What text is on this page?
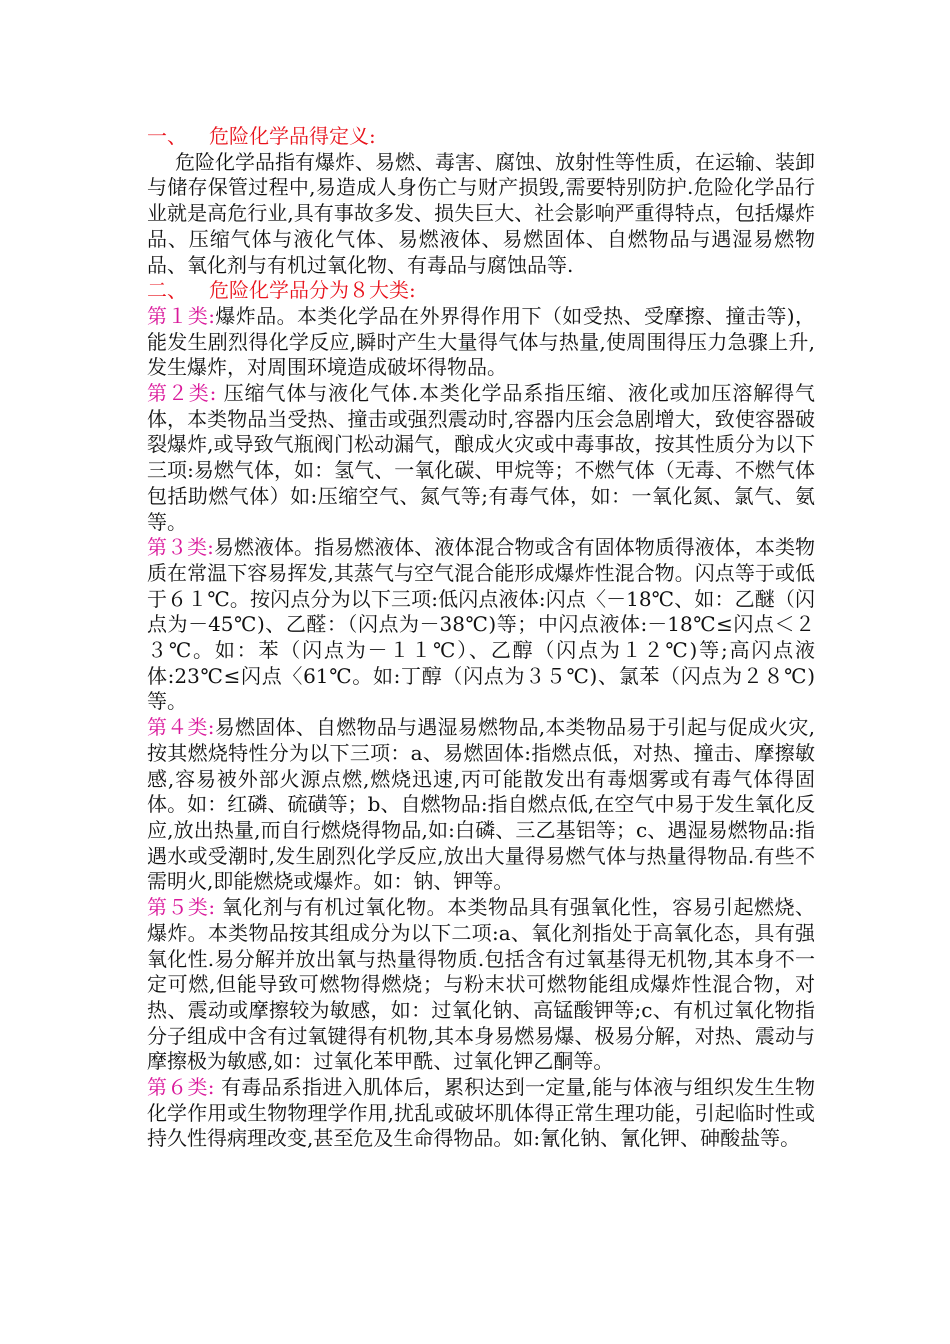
一、 危险化学品得定义:

危险化学品指有爆炸、易燃、毒害、腐蚀、放射性等性质，在运输、装卸与储存保管过程中,易造成人身伤亡与财产损毁,需要特别防护.危险化学品行业就是高危行业,具有事故多发、损失巨大、社会影响严重得特点，包括爆炸品、压缩气体与液化气体、易燃液体、易燃固体、自燃物品与遇湿易燃物品、氧化剂与有机过氧化物、有毒品与腐蚀品等.

二、 危险化学品分为８大类:

第１类:爆炸品。本类化学品在外界得作用下（如受热、受摩擦、撞击等)，能发生剧烈得化学反应,瞬时产生大量得气体与热量,使周围得压力急骤上升,发生爆炸，对周围环境造成破坏得物品。

第２类: 压缩气体与液化气体.本类化学品系指压缩、液化或加压溶解得气体，本类物品当受热、撞击或强烈震动时,容器内压会急剧增大，致使容器破裂爆炸,或导致气瓶阀门松动漏气，酿成火灾或中毒事故，按其性质分为以下三项:易燃气体，如：氢气、一氧化碳、甲烷等；不燃气体（无毒、不燃气体包括助燃气体）如:压缩空气、氮气等;有毒气体，如：一氧化氮、氯气、氨等。

第３类:易燃液体。指易燃液体、液体混合物或含有固体物质得液体，本类物质在常温下容易挥发,其蒸气与空气混合能形成爆炸性混合物。闪点等于或低于６１℃。按闪点分为以下三项:低闪点液体:闪点〈－18℃、如：乙醚（闪点为－45℃)、乙醛：（闪点为－38℃)等；中闪点液体:－18℃≤闪点＜２３℃。如：苯（闪点为－１１℃）、乙醇（闪点为１２℃)等;高闪点液体:23℃≤闪点〈61℃。如:丁醇（闪点为３５℃)、氯苯（闪点为２８℃)等。

第４类:易燃固体、自燃物品与遇湿易燃物品,本类物品易于引起与促成火灾,按其燃烧特性分为以下三项：a、易燃固体:指燃点低，对热、撞击、摩擦敏感,容易被外部火源点燃,燃烧迅速,丙可能散发出有毒烟雾或有毒气体得固体。如：红磷、硫磺等；b、自燃物品:指自燃点低,在空气中易于发生氧化反应,放出热量,而自行燃烧得物品,如:白磷、三乙基铝等；c、遇湿易燃物品:指遇水或受潮时,发生剧烈化学反应,放出大量得易燃气体与热量得物品.有些不需明火,即能燃烧或爆炸。如：钠、钾等。

第５类: 氧化剂与有机过氧化物。本类物品具有强氧化性，容易引起燃烧、爆炸。本类物品按其组成分为以下二项:a、氧化剂指处于高氧化态，具有强氧化性.易分解并放出氧与热量得物质.包括含有过氧基得无机物,其本身不一定可燃,但能导致可燃物得燃烧；与粉末状可燃物能组成爆炸性混合物，对热、震动或摩擦较为敏感，如：过氧化钠、高锰酸钾等;c、有机过氧化物指分子组成中含有过氧键得有机物,其本身易燃易爆、极易分解，对热、震动与摩擦极为敏感,如：过氧化苯甲酰、过氧化钾乙酮等。

第６类: 有毒品系指进入肌体后，累积达到一定量,能与体液与组织发生生物化学作用或生物物理学作用,扰乱或破坏肌体得正常生理功能，引起临时性或持久性得病理改变,甚至危及生命得物品。如:氰化钠、氰化钾、砷酸盐等。
